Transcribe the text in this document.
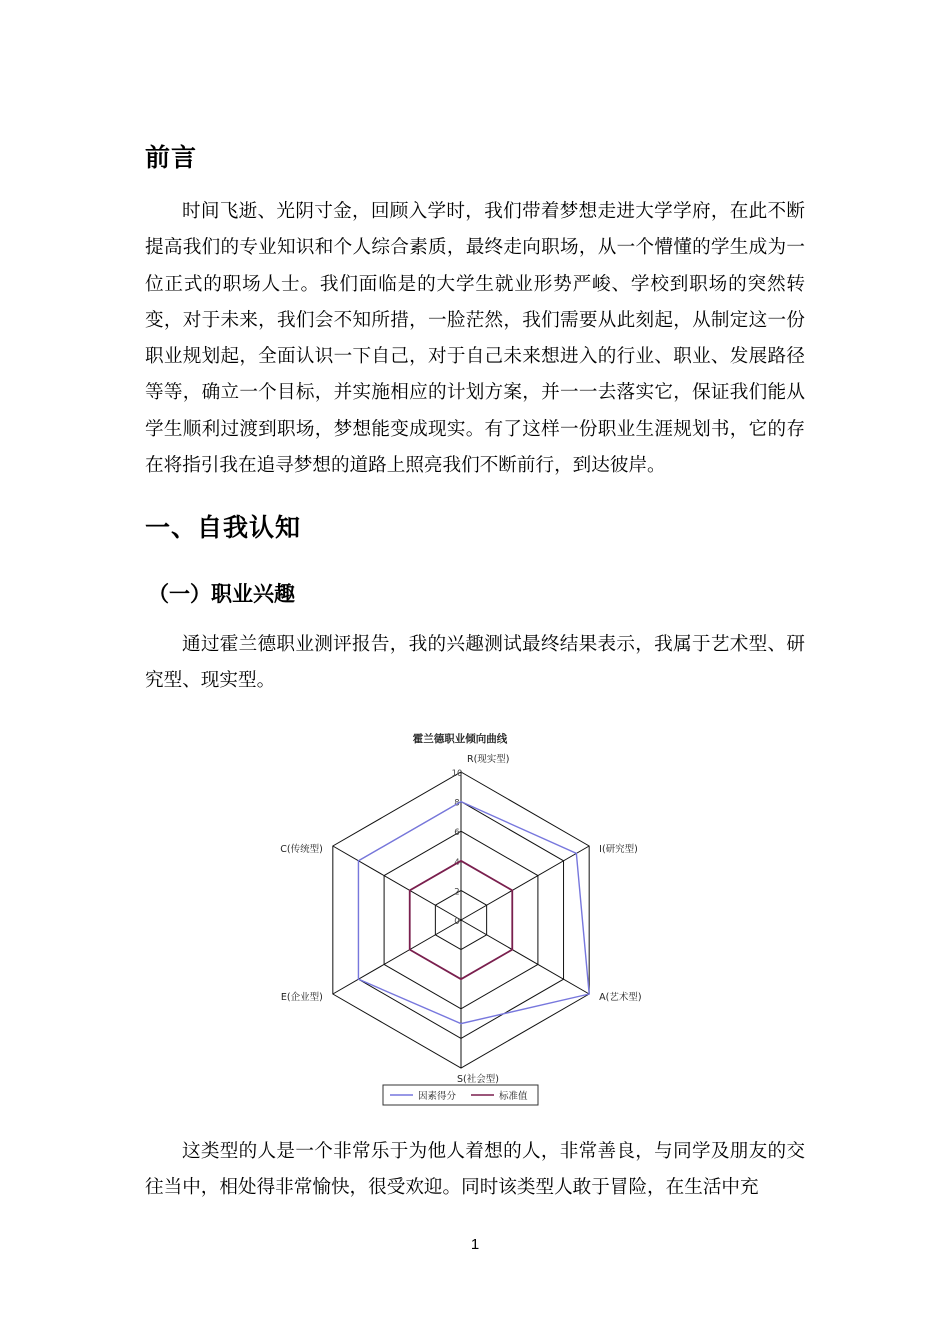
前言

时间飞逝、光阴寸金，回顾入学时，我们带着梦想走进大学学府，在此不断提高我们的专业知识和个人综合素质，最终走向职场，从一个懵懂的学生成为一位正式的职场人士。我们面临是的大学生就业形势严峻、学校到职场的突然转变，对于未来，我们会不知所措，一脸茫然，我们需要从此刻起，从制定这一份职业规划起，全面认识一下自己，对于自己未来想进入的行业、职业、发展路径等等，确立一个目标，并实施相应的计划方案，并一一去落实它，保证我们能从学生顺利过渡到职场，梦想能变成现实。有了这样一份职业生涯规划书，它的存在将指引我在追寻梦想的道路上照亮我们不断前行，到达彼岸。

一、自我认知
（一）职业兴趣

通过霍兰德职业测评报告，我的兴趣测试最终结果表示，我属于艺术型、研究型、现实型。

霍兰德职业倾向曲线
0
2
4
6
8
10
R(现实型)
I(研究型)
A(艺术型)
S(社会型)
E(企业型)
C(传统型)
因素得分	标准值

这类型的人是一个非常乐于为他人着想的人，非常善良，与同学及朋友的交往当中，相处得非常愉快，很受欢迎。同时该类型人敢于冒险，在生活中充

1
